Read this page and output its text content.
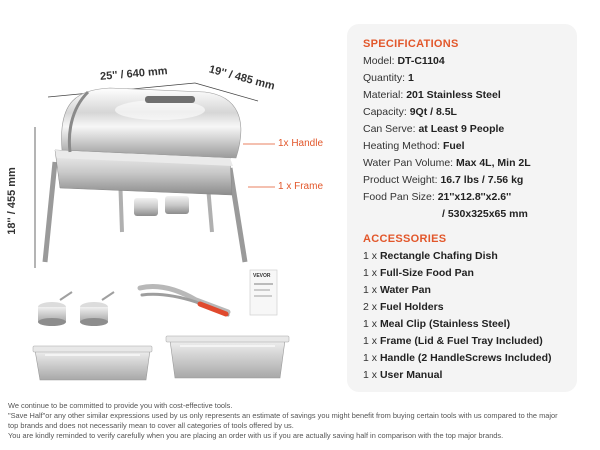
25'' / 640 mm	19'' / 485 mm
18'' / 455 mm
1x Handle
1 x Frame
VEVOR
SPECIFICATIONS
Model: DT-C1104
Quantity: 1
Material: 201 Stainless Steel
Capacity: 9Qt / 8.5L
Can Serve: at Least 9 People
Heating Method: Fuel
Water Pan Volume: Max 4L, Min 2L
Product Weight: 16.7 lbs / 7.56 kg
Food Pan Size: 21''x12.8''x2.6''
/ 530x325x65 mm
ACCESSORIES
1 x Rectangle Chafing Dish
1 x Full-Size Food Pan
1 x Water Pan
2 x Fuel Holders
1 x Meal Clip (Stainless Steel)
1 x Frame (Lid & Fuel Tray Included)
1 x Handle (2 HandleScrews Included)
1 x User Manual
We continue to be committed to provide you with cost-effective tools.
"Save Half"or any other similar expressions used by us only represents an estimate of savings you might benefit from buying certain tools with us compared to the major
top brands and does not necessarily mean to cover all categories of tools offered by us.
You are kindly reminded to verify carefully when you are placing an order with us if you are actually saving half in comparison with the top major brands.
